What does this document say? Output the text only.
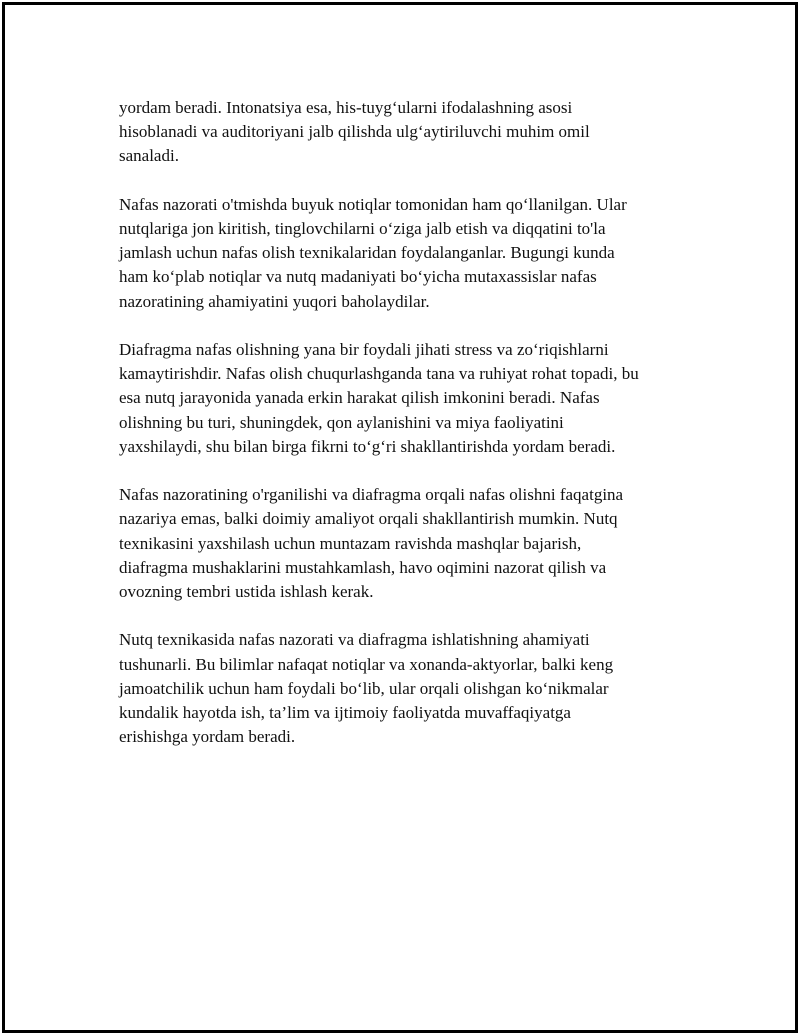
yordam beradi. Intonatsiya esa, his-tuyg‘ularni ifodalashning asosi
hisoblanadi va auditoriyani jalb qilishda ulg‘aytiriluvchi muhim omil
sanaladi.

Nafas nazorati o'tmishda buyuk notiqlar tomonidan ham qo‘llanilgan. Ular
nutqlariga jon kiritish, tinglovchilarni o‘ziga jalb etish va diqqatini to'la
jamlash uchun nafas olish texnikalaridan foydalanganlar. Bugungi kunda
ham ko‘plab notiqlar va nutq madaniyati bo‘yicha mutaxassislar nafas
nazoratining ahamiyatini yuqori baholaydilar.

Diafragma nafas olishning yana bir foydali jihati stress va zo‘riqishlarni
kamaytirishdir. Nafas olish chuqurlashganda tana va ruhiyat rohat topadi, bu
esa nutq jarayonida yanada erkin harakat qilish imkonini beradi. Nafas
olishning bu turi, shuningdek, qon aylanishini va miya faoliyatini
yaxshilaydi, shu bilan birga fikrni to‘g‘ri shakllantirishda yordam beradi.

Nafas nazoratining o'rganilishi va diafragma orqali nafas olishni faqatgina
nazariya emas, balki doimiy amaliyot orqali shakllantirish mumkin. Nutq
texnikasini yaxshilash uchun muntazam ravishda mashqlar bajarish,
diafragma mushaklarini mustahkamlash, havo oqimini nazorat qilish va
ovozning tembri ustida ishlash kerak.

Nutq texnikasida nafas nazorati va diafragma ishlatishning ahamiyati
tushunarli. Bu bilimlar nafaqat notiqlar va xonanda-aktyorlar, balki keng
jamoatchilik uchun ham foydali bo‘lib, ular orqali olishgan ko‘nikmalar
kundalik hayotda ish, ta’lim va ijtimoiy faoliyatda muvaffaqiyatga
erishishga yordam beradi.
